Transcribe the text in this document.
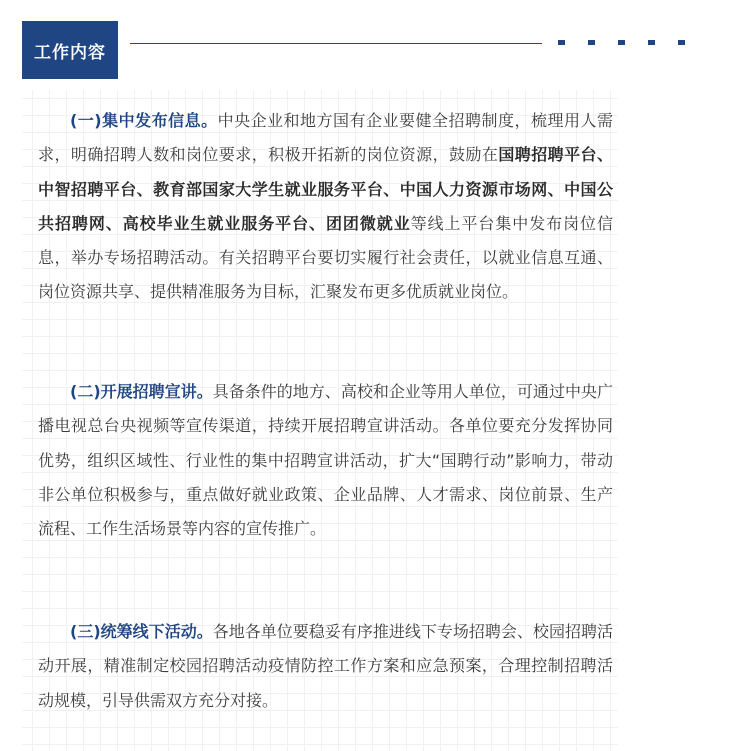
工作内容

(一)集中发布信息。中央企业和地方国有企业要健全招聘制度，梳理用人需求，明确招聘人数和岗位要求，积极开拓新的岗位资源，鼓励在国聘招聘平台、中智招聘平台、教育部国家大学生就业服务平台、中国人力资源市场网、中国公共招聘网、高校毕业生就业服务平台、团团微就业等线上平台集中发布岗位信息，举办专场招聘活动。有关招聘平台要切实履行社会责任，以就业信息互通、岗位资源共享、提供精准服务为目标，汇聚发布更多优质就业岗位。

(二)开展招聘宣讲。具备条件的地方、高校和企业等用人单位，可通过中央广播电视总台央视频等宣传渠道，持续开展招聘宣讲活动。各单位要充分发挥协同优势，组织区域性、行业性的集中招聘宣讲活动，扩大“国聘行动”影响力，带动非公单位积极参与，重点做好就业政策、企业品牌、人才需求、岗位前景、生产流程、工作生活场景等内容的宣传推广。

(三)统筹线下活动。各地各单位要稳妥有序推进线下专场招聘会、校园招聘活动开展，精准制定校园招聘活动疫情防控工作方案和应急预案，合理控制招聘活动规模，引导供需双方充分对接。
